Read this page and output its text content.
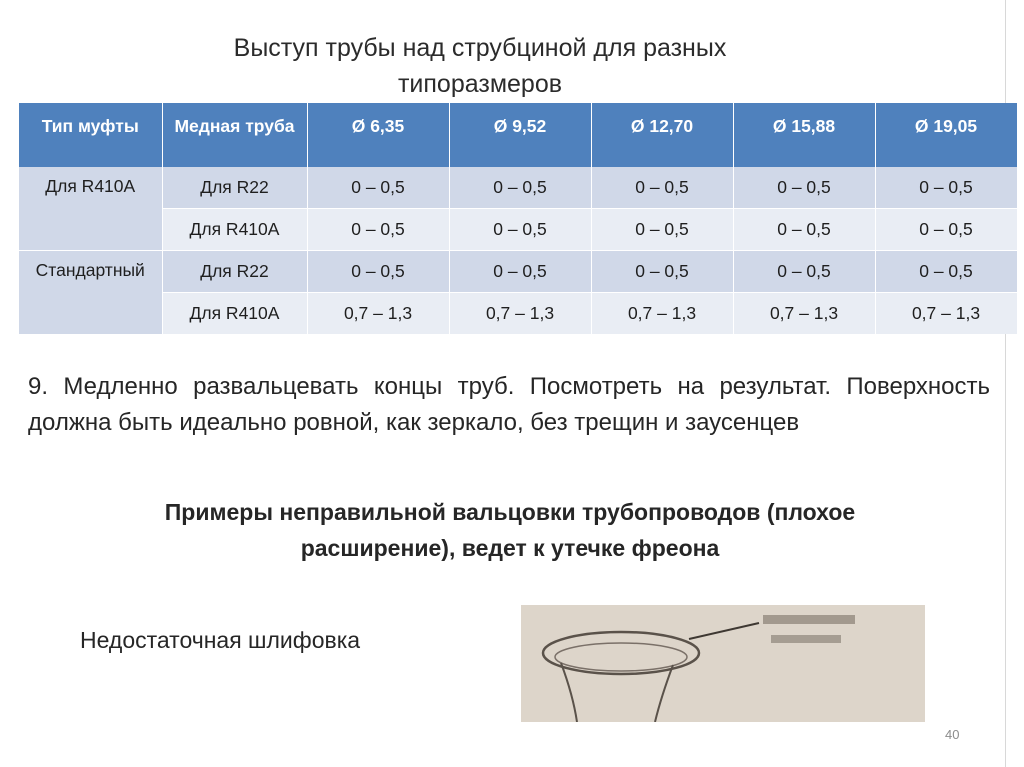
Выступ трубы над струбциной для разных типоразмеров
Тип муфты	Медная труба	Ø 6,35	Ø 9,52	Ø 12,70	Ø 15,88	Ø 19,05
Для R410A	Для R22	0 – 0,5	0 – 0,5	0 – 0,5	0 – 0,5	0 – 0,5
	Для R410A	0 – 0,5	0 – 0,5	0 – 0,5	0 – 0,5	0 – 0,5
Стандартный	Для R22	0 – 0,5	0 – 0,5	0 – 0,5	0 – 0,5	0 – 0,5
	Для R410A	0,7 – 1,3	0,7 – 1,3	0,7 – 1,3	0,7 – 1,3	0,7 – 1,3
9. Медленно развальцевать концы труб. Посмотреть на результат. Поверхность должна быть идеально ровной, как зеркало, без трещин и заусенцев
Примеры неправильной вальцовки трубопроводов (плохое расширение), ведет к утечке фреона
Недостаточная шлифовка
40
